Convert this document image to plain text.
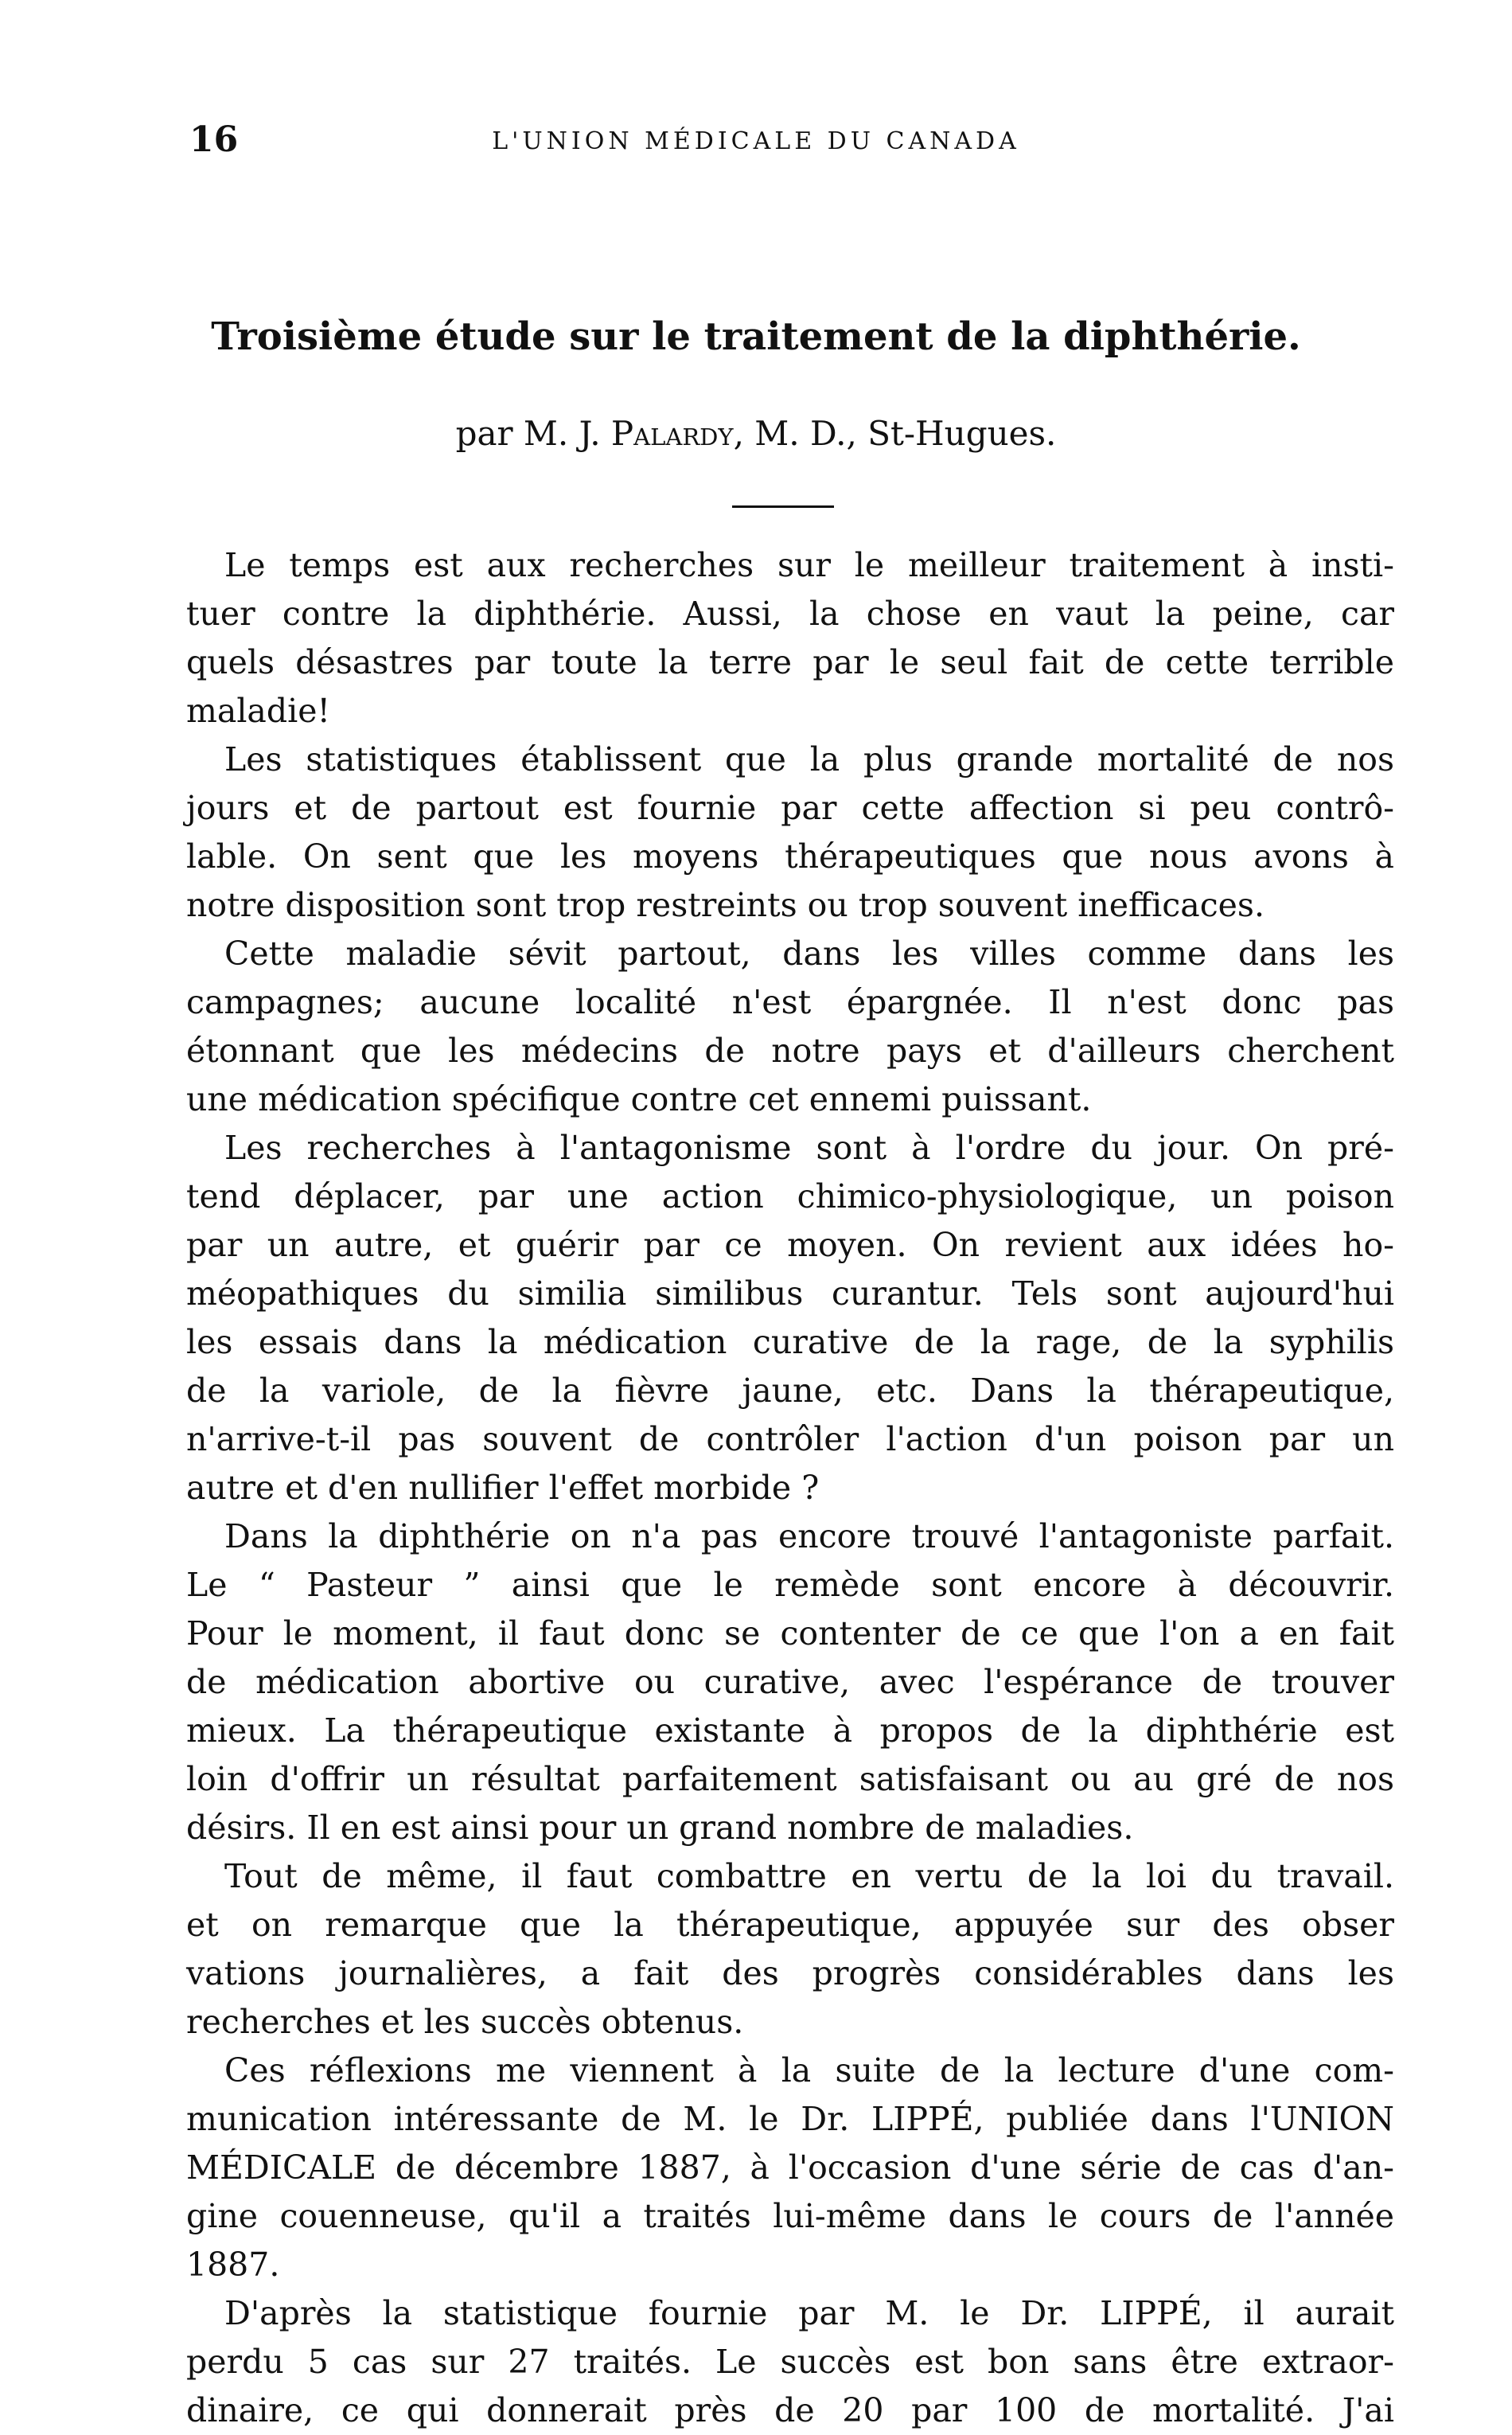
16	L'UNION MÉDICALE DU CANADA
Troisième étude sur le traitement de la diphthérie.
par M. J. Palardy, M. D., St-Hugues.

Le temps est aux recherches sur le meilleur traitement à insti-
tuer contre la diphthérie. Aussi, la chose en vaut la peine, car
quels désastres par toute la terre par le seul fait de cette terrible
maladie!

Les statistiques établissent que la plus grande mortalité de nos
jours et de partout est fournie par cette affection si peu contrô-
lable. On sent que les moyens thérapeutiques que nous avons à
notre disposition sont trop restreints ou trop souvent inefficaces.

Cette maladie sévit partout, dans les villes comme dans les
campagnes; aucune localité n'est épargnée. Il n'est donc pas
étonnant que les médecins de notre pays et d'ailleurs cherchent
une médication spécifique contre cet ennemi puissant.

Les recherches à l'antagonisme sont à l'ordre du jour. On pré-
tend déplacer, par une action chimico-physiologique, un poison
par un autre, et guérir par ce moyen. On revient aux idées ho-
méopathiques du similia similibus curantur. Tels sont aujourd'hui
les essais dans la médication curative de la rage, de la syphilis
de la variole, de la fièvre jaune, etc. Dans la thérapeutique,
n'arrive-t-il pas souvent de contrôler l'action d'un poison par un
autre et d'en nullifier l'effet morbide ?

Dans la diphthérie on n'a pas encore trouvé l'antagoniste parfait.
Le “ Pasteur ” ainsi que le remède sont encore à découvrir.
Pour le moment, il faut donc se contenter de ce que l'on a en fait
de médication abortive ou curative, avec l'espérance de trouver
mieux. La thérapeutique existante à propos de la diphthérie est
loin d'offrir un résultat parfaitement satisfaisant ou au gré de nos
désirs. Il en est ainsi pour un grand nombre de maladies.

Tout de même, il faut combattre en vertu de la loi du travail.
et on remarque que la thérapeutique, appuyée sur des obser
vations journalières, a fait des progrès considérables dans les
recherches et les succès obtenus.

Ces réflexions me viennent à la suite de la lecture d'une com-
munication intéressante de M. le Dr. LIPPÉ, publiée dans l'UNION
MÉDICALE de décembre 1887, à l'occasion d'une série de cas d'an-
gine couenneuse, qu'il a traités lui-même dans le cours de l'année
1887.

D'après la statistique fournie par M. le Dr. LIPPÉ, il aurait
perdu 5 cas sur 27 traités. Le succès est bon sans être extraor-
dinaire, ce qui donnerait près de 20 par 100 de mortalité. J'ai
